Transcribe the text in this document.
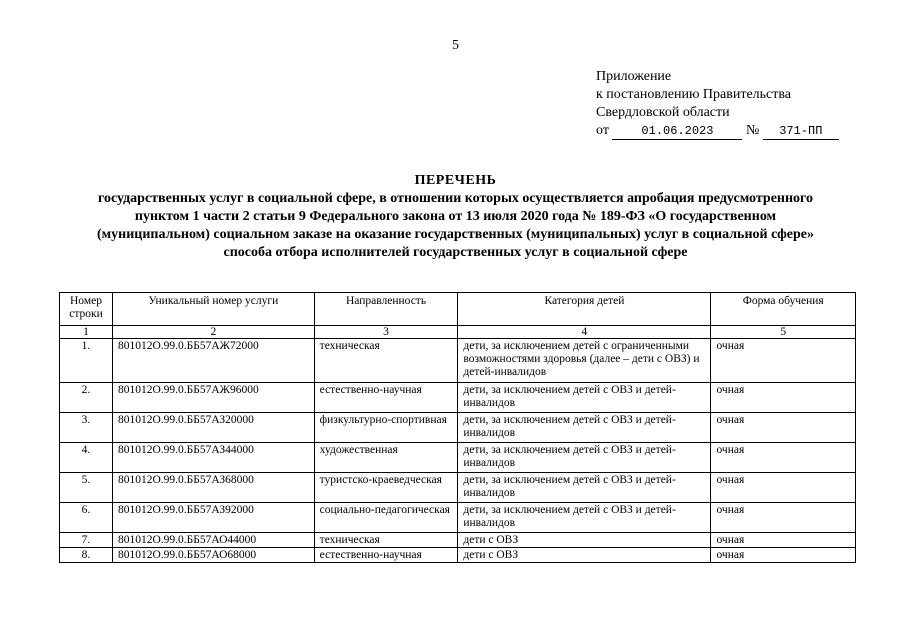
5
Приложение
к постановлению Правительства
Свердловской области
от	01.06.2023 № 371-ПП
ПЕРЕЧЕНЬ
государственных услуг в социальной сфере, в отношении которых осуществляется апробация предусмотренного
пунктом 1 части 2 статьи 9 Федерального закона от 13 июля 2020 года № 189-ФЗ «О государственном
(муниципальном) социальном заказе на оказание государственных (муниципальных) услуг в социальной сфере»
способа отбора исполнителей государственных услуг в социальной сфере
Номер строки	Уникальный номер услуги	Направленность	Категория детей	Форма обучения
1	2	3	4	5
1.	801012О.99.0.ББ57АЖ72000	техническая	дети, за исключением детей с ограниченными возможностями здоровья (далее – дети с ОВЗ) и детей-инвалидов	очная
2.	801012О.99.0.ББ57АЖ96000	естественно-научная	дети, за исключением детей с ОВЗ и детей-инвалидов	очная
3.	801012О.99.0.ББ57АЗ20000	физкультурно-спортивная	дети, за исключением детей с ОВЗ и детей-инвалидов	очная
4.	801012О.99.0.ББ57АЗ44000	художественная	дети, за исключением детей с ОВЗ и детей-инвалидов	очная
5.	801012О.99.0.ББ57АЗ68000	туристско-краеведческая	дети, за исключением детей с ОВЗ и детей-инвалидов	очная
6.	801012О.99.0.ББ57АЗ92000	социально-педагогическая	дети, за исключением детей с ОВЗ и детей-инвалидов	очная
7.	801012О.99.0.ББ57АО44000	техническая	дети с ОВЗ	очная
8.	801012О.99.0.ББ57АО68000	естественно-научная	дети с ОВЗ	очная
